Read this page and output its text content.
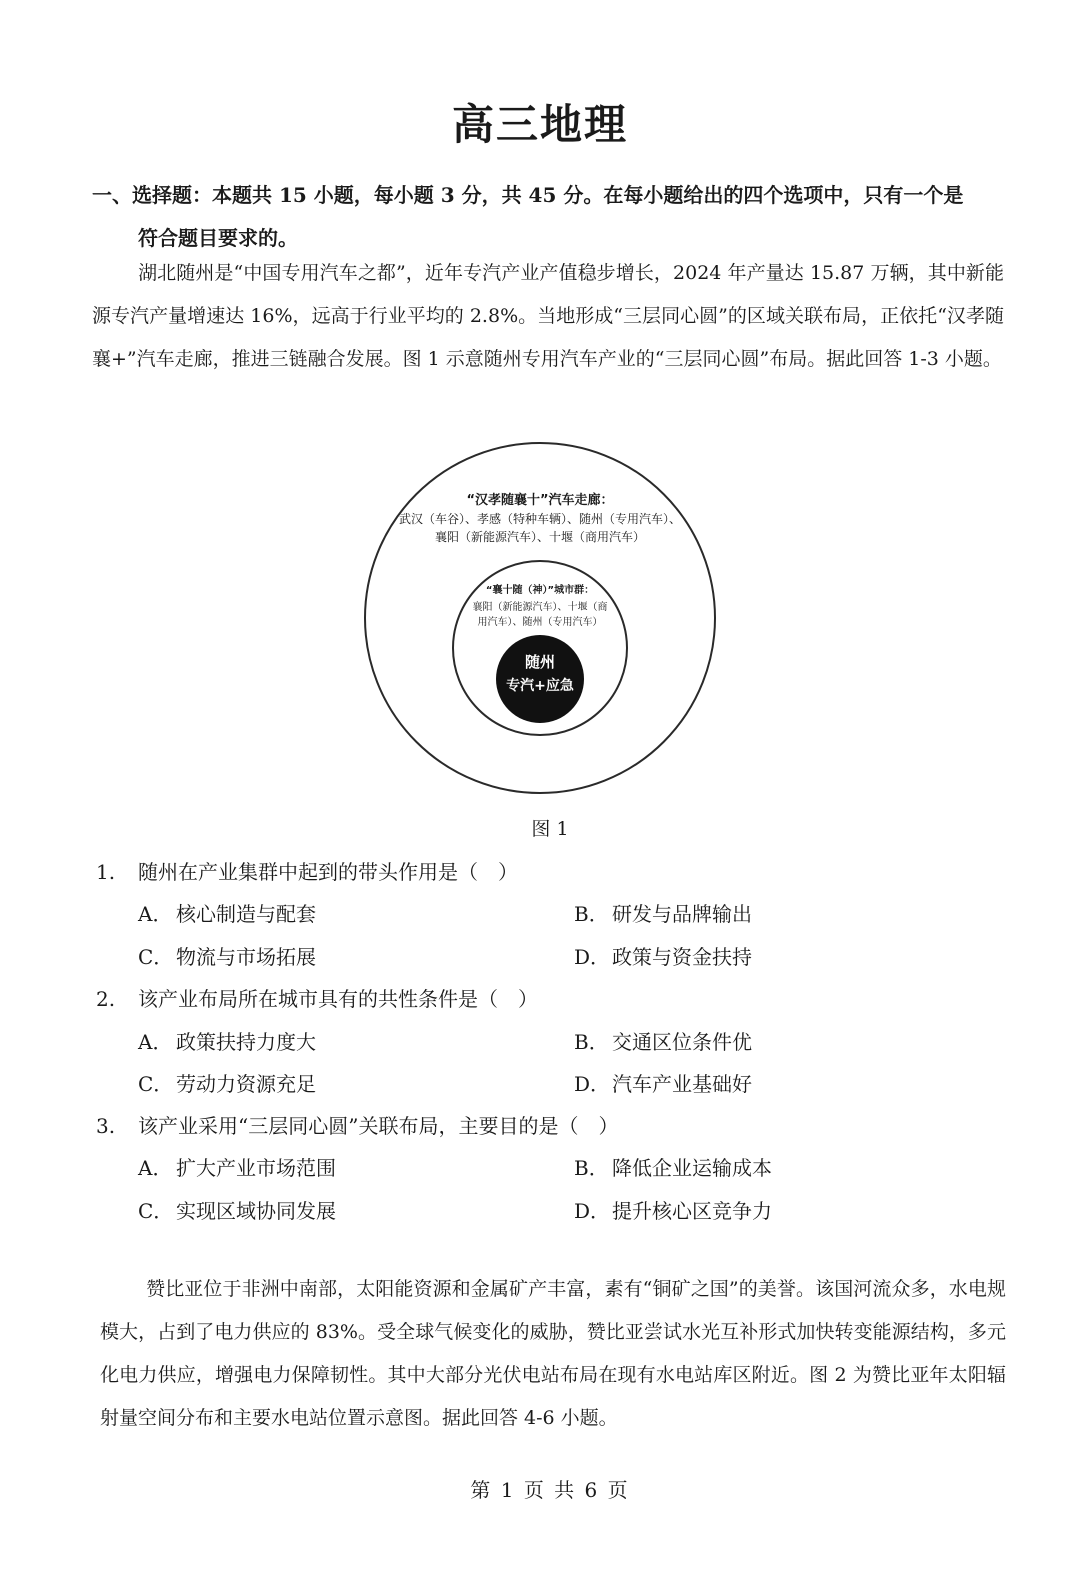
高三地理
一、选择题：本题共 15 小题，每小题 3 分，共 45 分。在每小题给出的四个选项中，只有一个是
符合题目要求的。
湖北随州是“中国专用汽车之都”，近年专汽产业产值稳步增长，2024 年产量达 15.87 万辆，其中新能源专汽产量增速达 16%，远高于行业平均的 2.8%。当地形成“三层同心圆”的区域关联布局，正依托“汉孝随襄+”汽车走廊，推进三链融合发展。图 1 示意随州专用汽车产业的“三层同心圆”布局。据此回答 1-3 小题。
“汉孝随襄十”汽车走廊：
武汉（车谷）、孝感（特种车辆）、随州（专用汽车）、
襄阳（新能源汽车）、十堰（商用汽车）
“襄十随（神）”城市群：
襄阳（新能源汽车）、十堰（商
用汽车）、随州（专用汽车）
随州
专汽+应急
图 1
1. 随州在产业集群中起到的带头作用是（　）
A． 核心制造与配套	B． 研发与品牌输出
C． 物流与市场拓展	D．政策与资金扶持
2. 该产业布局所在城市具有的共性条件是（　）
A． 政策扶持力度大	B． 交通区位条件优
C． 劳动力资源充足	D．汽车产业基础好
3. 该产业采用“三层同心圆”关联布局，主要目的是（　）
A． 扩大产业市场范围	B． 降低企业运输成本
C． 实现区域协同发展	D．提升核心区竞争力
赞比亚位于非洲中南部，太阳能资源和金属矿产丰富，素有“铜矿之国”的美誉。该国河流众多，水电规模大，占到了电力供应的 83%。受全球气候变化的威胁，赞比亚尝试水光互补形式加快转变能源结构，多元化电力供应，增强电力保障韧性。其中大部分光伏电站布局在现有水电站库区附近。图 2 为赞比亚年太阳辐射量空间分布和主要水电站位置示意图。据此回答 4-6 小题。
第 1 页 共 6 页
